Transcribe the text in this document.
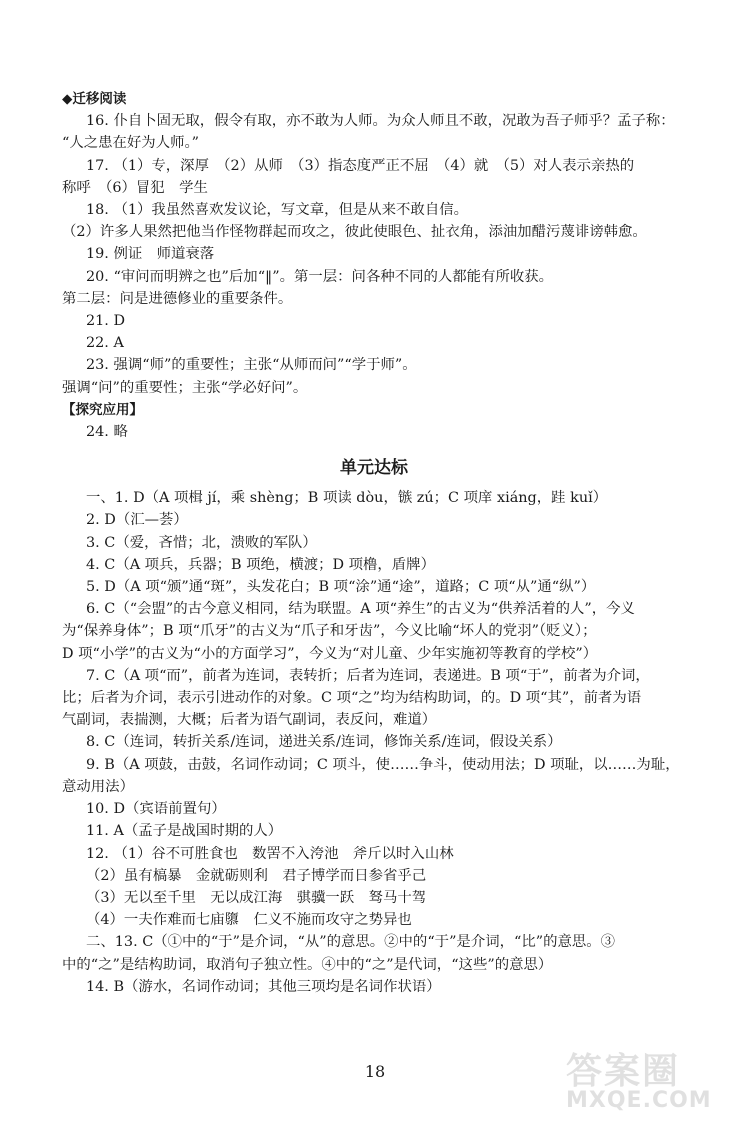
◆迁移阅读
16. 仆自卜固无取，假令有取，亦不敢为人师。为众人师且不敢，况敢为吾子师乎？孟子称：
“人之患在好为人师。”
17. （1）专，深厚　（2）从师　（3）指态度严正不屈　（4）就　（5）对人表示亲热的
称呼　（6）冒犯　学生
18. （1）我虽然喜欢发议论，写文章，但是从来不敢自信。
（2）许多人果然把他当作怪物群起而攻之，彼此使眼色、扯衣角，添油加醋污蔑诽谤韩愈。
19. 例证　师道衰落
20. “审问而明辨之也”后加“‖”。第一层：问各种不同的人都能有所收获。
第二层：问是进德修业的重要条件。
21. D
22. A
23. 强调“师”的重要性；主张“从师而问”“学于师”。
强调“问”的重要性；主张“学必好问”。
【探究应用】
24. 略
单元达标
一、1. D（A 项楫 jí，乘 shèng；B 项读 dòu，镞 zú；C 项庠 xiáng，跬 kuǐ）
2. D（汇—荟）
3. C（爱，吝惜；北，溃败的军队）
4. C（A 项兵，兵器；B 项绝，横渡；D 项橹，盾牌）
5. D（A 项“颁”通“斑”，头发花白；B 项“涂”通“途”，道路；C 项“从”通“纵”）
6. C（“会盟”的古今意义相同，结为联盟。A 项“养生”的古义为“供养活着的人”，今义
为“保养身体”；B 项“爪牙”的古义为“爪子和牙齿”，今义比喻“坏人的党羽”（贬义）；
D 项“小学”的古义为“小的方面学习”，今义为“对儿童、少年实施初等教育的学校”）
7. C（A 项“而”，前者为连词，表转折；后者为连词，表递进。B 项“于”，前者为介词，
比；后者为介词，表示引进动作的对象。C 项“之”均为结构助词，的。D 项“其”，前者为语
气副词，表揣测，大概；后者为语气副词，表反问，难道）
8. C（连词，转折关系/连词，递进关系/连词，修饰关系/连词，假设关系）
9. B（A 项鼓，击鼓，名词作动词；C 项斗，使……争斗，使动用法；D 项耻，以……为耻，
意动用法）
10. D（宾语前置句）
11. A（孟子是战国时期的人）
12. （1）谷不可胜食也　数罟不入洿池　斧斤以时入山林
（2）虽有槁暴　金就砺则利　君子博学而日参省乎己
（3）无以至千里　无以成江海　骐骥一跃　驽马十驾
（4）一夫作难而七庙隳　仁义不施而攻守之势异也
二、13. C（①中的“于”是介词，“从”的意思。②中的“于”是介词，“比”的意思。③
中的“之”是结构助词，取消句子独立性。④中的“之”是代词，“这些”的意思）
14. B（游水，名词作动词；其他三项均是名词作状语）
18	答案圈
MXQE.COM
